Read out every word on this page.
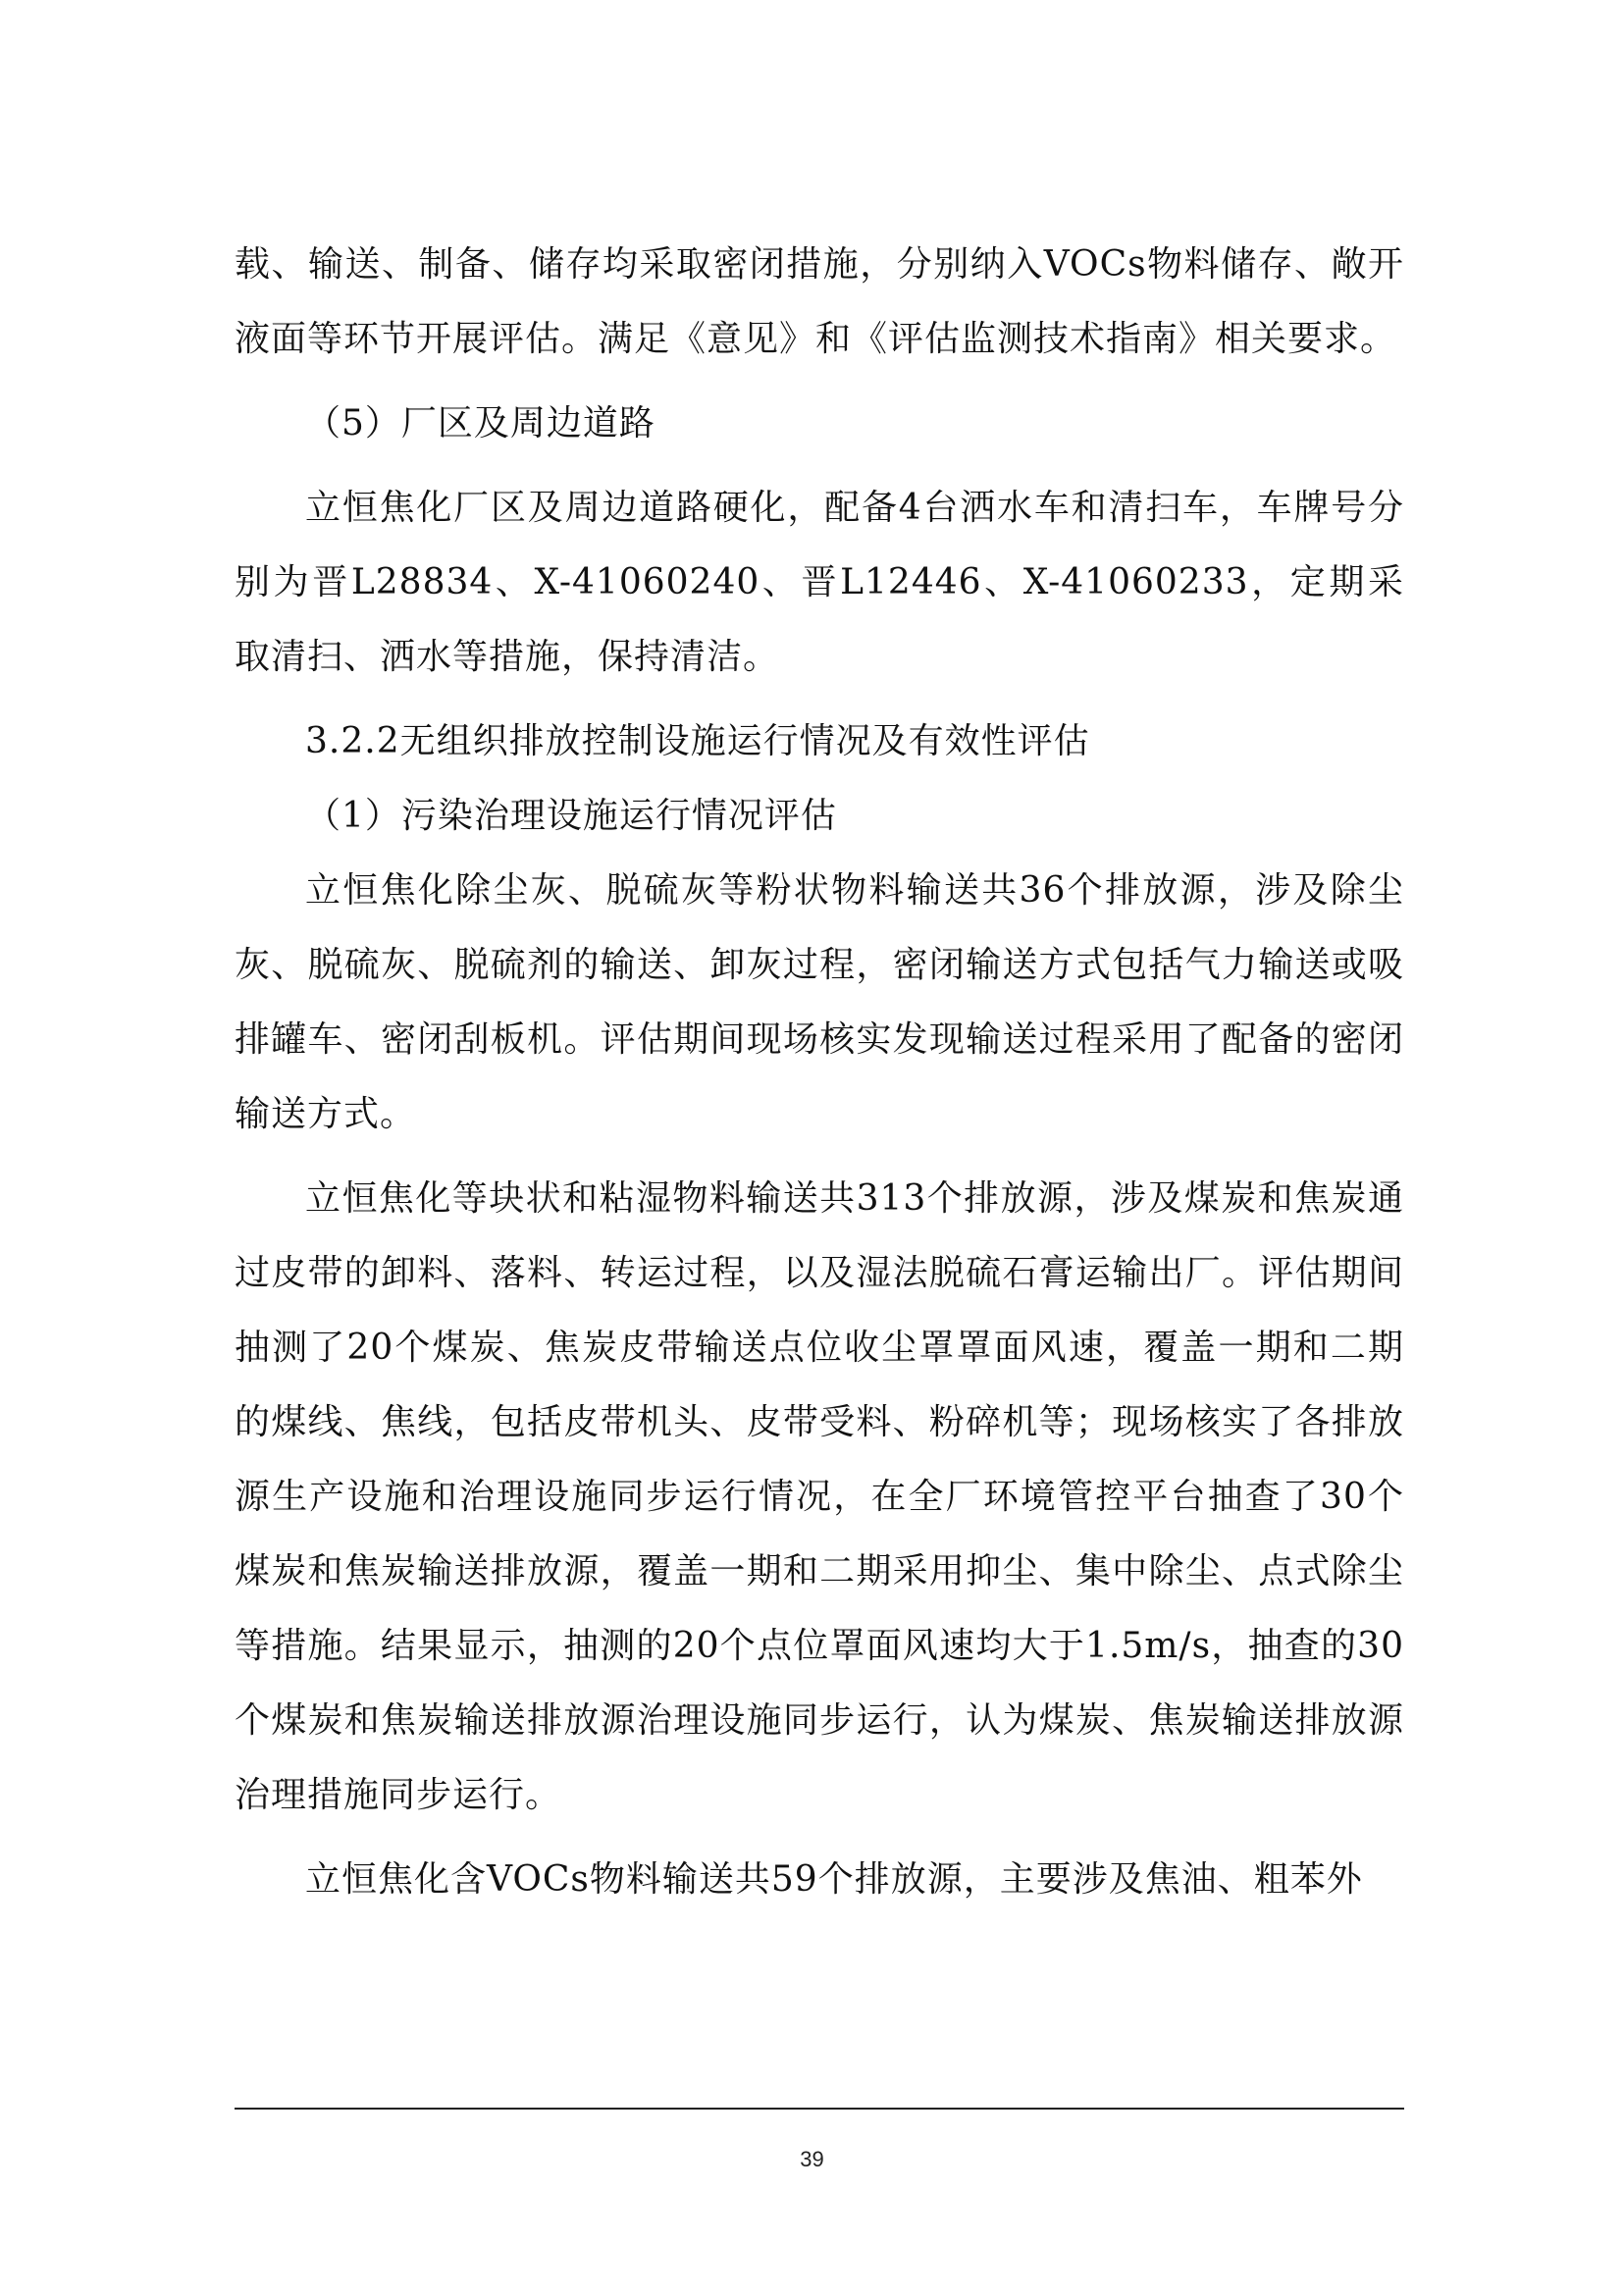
载、输送、制备、储存均采取密闭措施，分别纳入VOCs物料储存、敞开液面等环节开展评估。满足《意见》和《评估监测技术指南》相关要求。

（5）厂区及周边道路

立恒焦化厂区及周边道路硬化，配备4台洒水车和清扫车，车牌号分别为晋L28834、X-41060240、晋L12446、X-41060233，定期采取清扫、洒水等措施，保持清洁。

3.2.2无组织排放控制设施运行情况及有效性评估

（1）污染治理设施运行情况评估

立恒焦化除尘灰、脱硫灰等粉状物料输送共36个排放源，涉及除尘灰、脱硫灰、脱硫剂的输送、卸灰过程，密闭输送方式包括气力输送或吸排罐车、密闭刮板机。评估期间现场核实发现输送过程采用了配备的密闭输送方式。

立恒焦化等块状和粘湿物料输送共313个排放源，涉及煤炭和焦炭通过皮带的卸料、落料、转运过程，以及湿法脱硫石膏运输出厂。评估期间抽测了20个煤炭、焦炭皮带输送点位收尘罩罩面风速，覆盖一期和二期的煤线、焦线，包括皮带机头、皮带受料、粉碎机等；现场核实了各排放源生产设施和治理设施同步运行情况，在全厂环境管控平台抽查了30个煤炭和焦炭输送排放源，覆盖一期和二期采用抑尘、集中除尘、点式除尘等措施。结果显示，抽测的20个点位罩面风速均大于1.5m/s，抽查的30个煤炭和焦炭输送排放源治理设施同步运行，认为煤炭、焦炭输送排放源治理措施同步运行。

立恒焦化含VOCs物料输送共59个排放源，主要涉及焦油、粗苯外

39
